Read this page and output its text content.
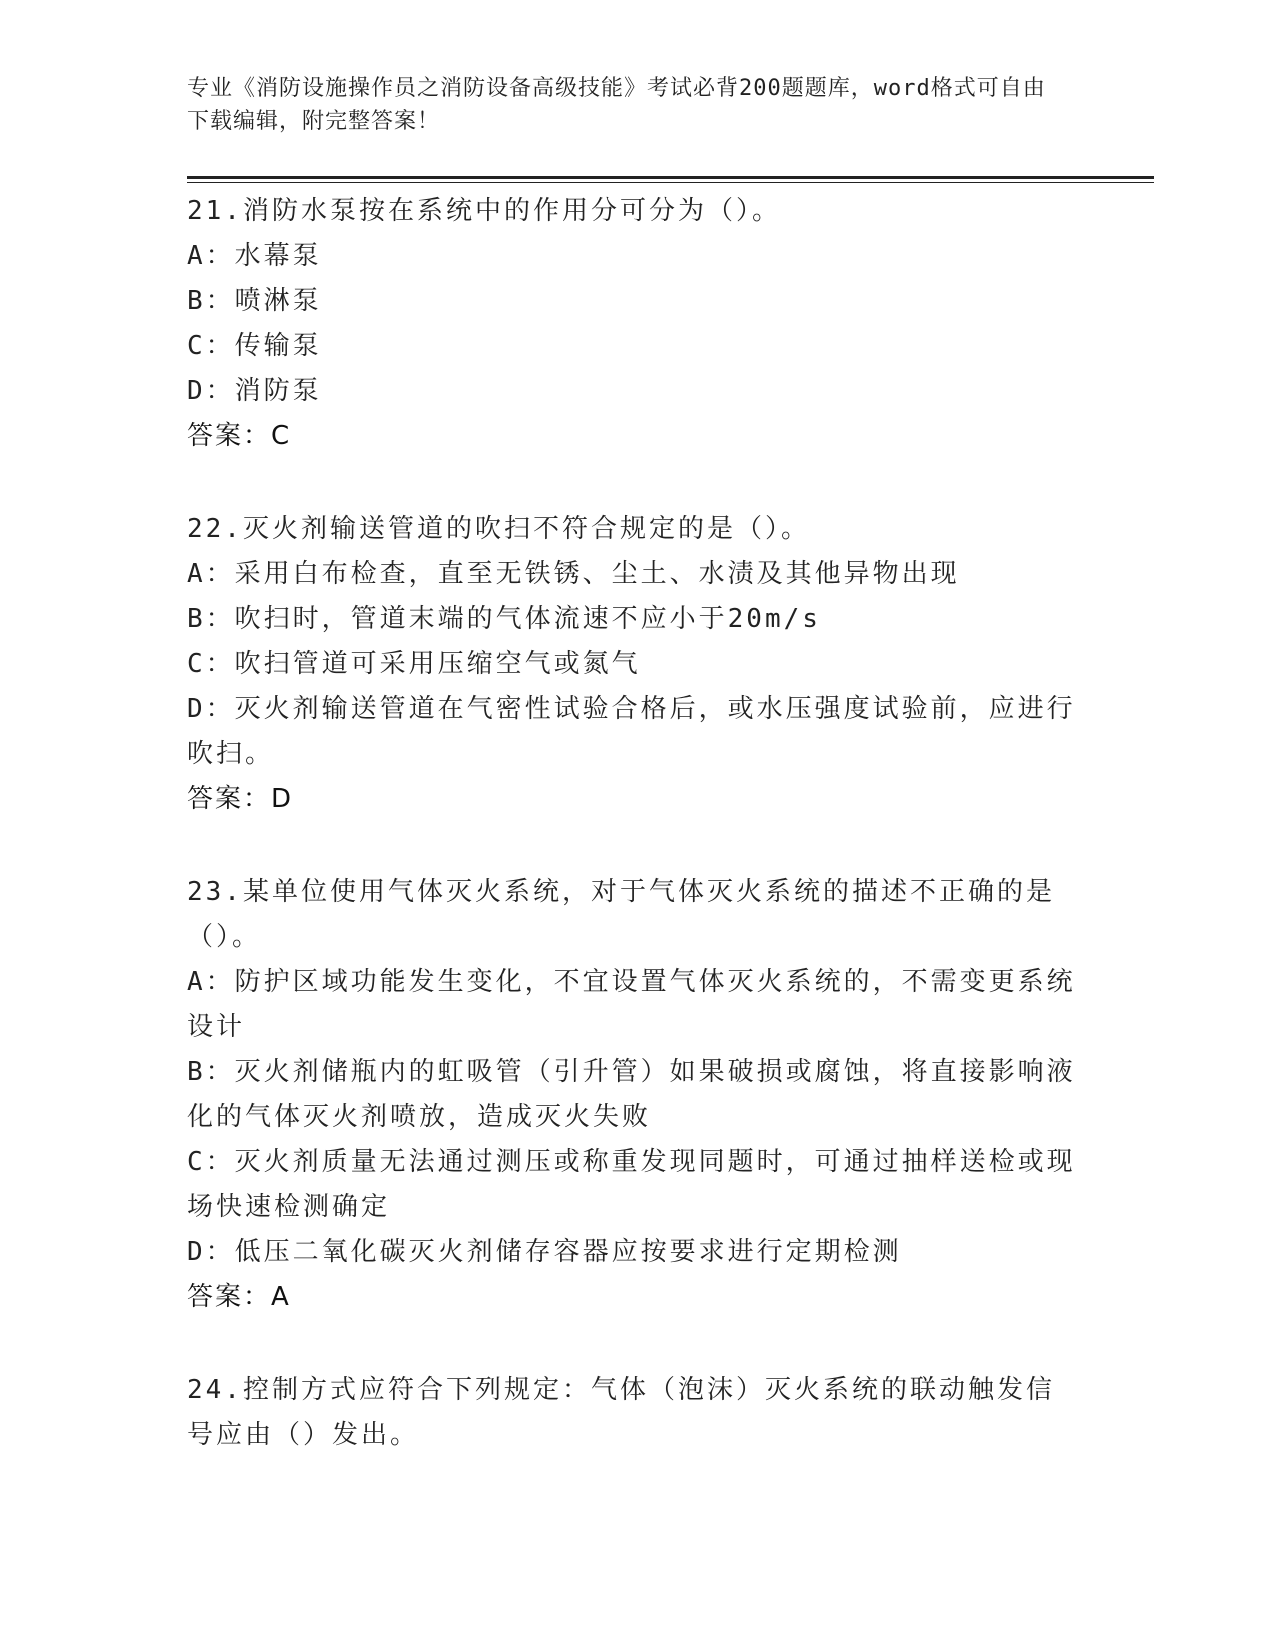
专业《消防设施操作员之消防设备高级技能》考试必背200题题库，word格式可自由下载编辑，附完整答案！
21.消防水泵按在系统中的作用分可分为（）。
A：水幕泵
B：喷淋泵
C：传输泵
D：消防泵
答案：C
22.灭火剂输送管道的吹扫不符合规定的是（）。
A：采用白布检查，直至无铁锈、尘土、水渍及其他异物出现
B：吹扫时，管道末端的气体流速不应小于20m/s
C：吹扫管道可采用压缩空气或氮气
D：灭火剂输送管道在气密性试验合格后，或水压强度试验前，应进行吹扫。
答案：D
23.某单位使用气体灭火系统，对于气体灭火系统的描述不正确的是（）。
A：防护区域功能发生变化，不宜设置气体灭火系统的，不需变更系统设计
B：灭火剂储瓶内的虹吸管（引升管）如果破损或腐蚀，将直接影响液化的气体灭火剂喷放，造成灭火失败
C：灭火剂质量无法通过测压或称重发现同题时，可通过抽样送检或现场快速检测确定
D：低压二氧化碳灭火剂储存容器应按要求进行定期检测
答案：A
24.控制方式应符合下列规定：气体（泡沫）灭火系统的联动触发信号应由（）发出。
